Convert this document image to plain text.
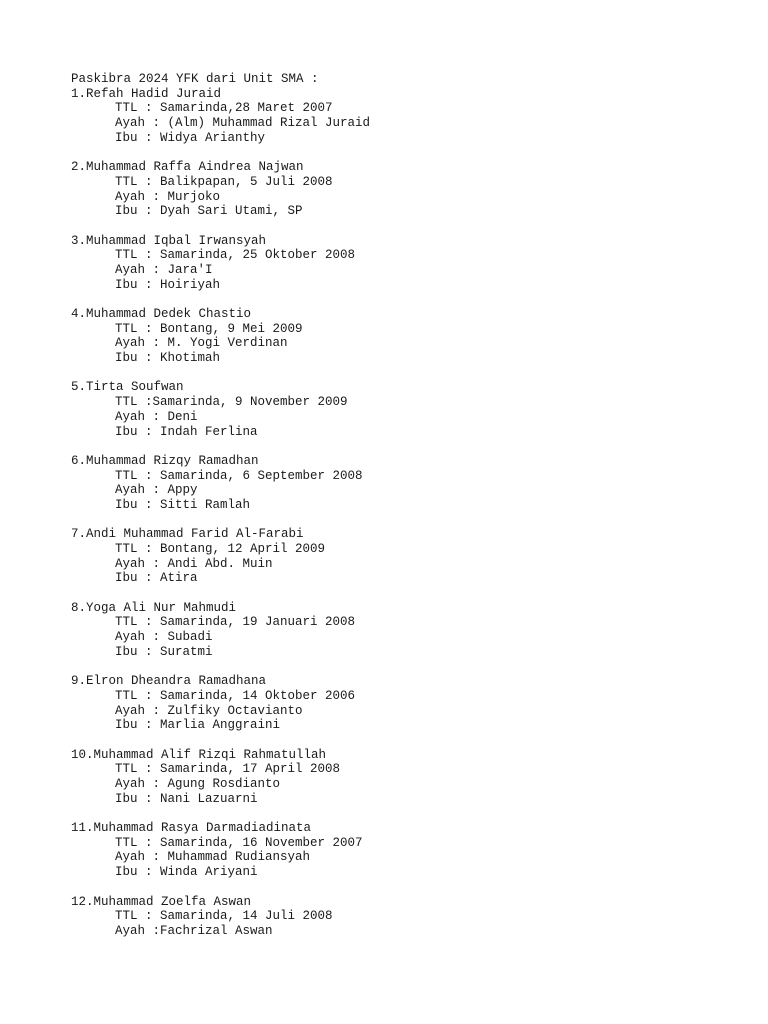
Paskibra 2024 YFK dari Unit SMA :
1.Refah Hadid Juraid
TTL : Samarinda,28 Maret 2007
Ayah : (Alm) Muhammad Rizal Juraid
Ibu : Widya Arianthy
2.Muhammad Raffa Aindrea Najwan
TTL : Balikpapan, 5 Juli 2008
Ayah : Murjoko
Ibu : Dyah Sari Utami, SP
3.Muhammad Iqbal Irwansyah
TTL : Samarinda, 25 Oktober 2008
Ayah : Jara'I
Ibu : Hoiriyah
4.Muhammad Dedek Chastio
TTL : Bontang, 9 Mei 2009
Ayah : M. Yogi Verdinan
Ibu : Khotimah
5.Tirta Soufwan
TTL :Samarinda, 9 November 2009
Ayah : Deni
Ibu : Indah Ferlina
6.Muhammad Rizqy Ramadhan
TTL : Samarinda, 6 September 2008
Ayah : Appy
Ibu : Sitti Ramlah
7.Andi Muhammad Farid Al-Farabi
TTL : Bontang, 12 April 2009
Ayah : Andi Abd. Muin
Ibu : Atira
8.Yoga Ali Nur Mahmudi
TTL : Samarinda, 19 Januari 2008
Ayah : Subadi
Ibu : Suratmi
9.Elron Dheandra Ramadhana
TTL : Samarinda, 14 Oktober 2006
Ayah : Zulfiky Octavianto
Ibu : Marlia Anggraini
10.Muhammad Alif Rizqi Rahmatullah
TTL : Samarinda, 17 April 2008
Ayah : Agung Rosdianto
Ibu : Nani Lazuarni
11.Muhammad Rasya Darmadiadinata
TTL : Samarinda, 16 November 2007
Ayah : Muhammad Rudiansyah
Ibu : Winda Ariyani
12.Muhammad Zoelfa Aswan
TTL : Samarinda, 14 Juli 2008
Ayah :Fachrizal Aswan
